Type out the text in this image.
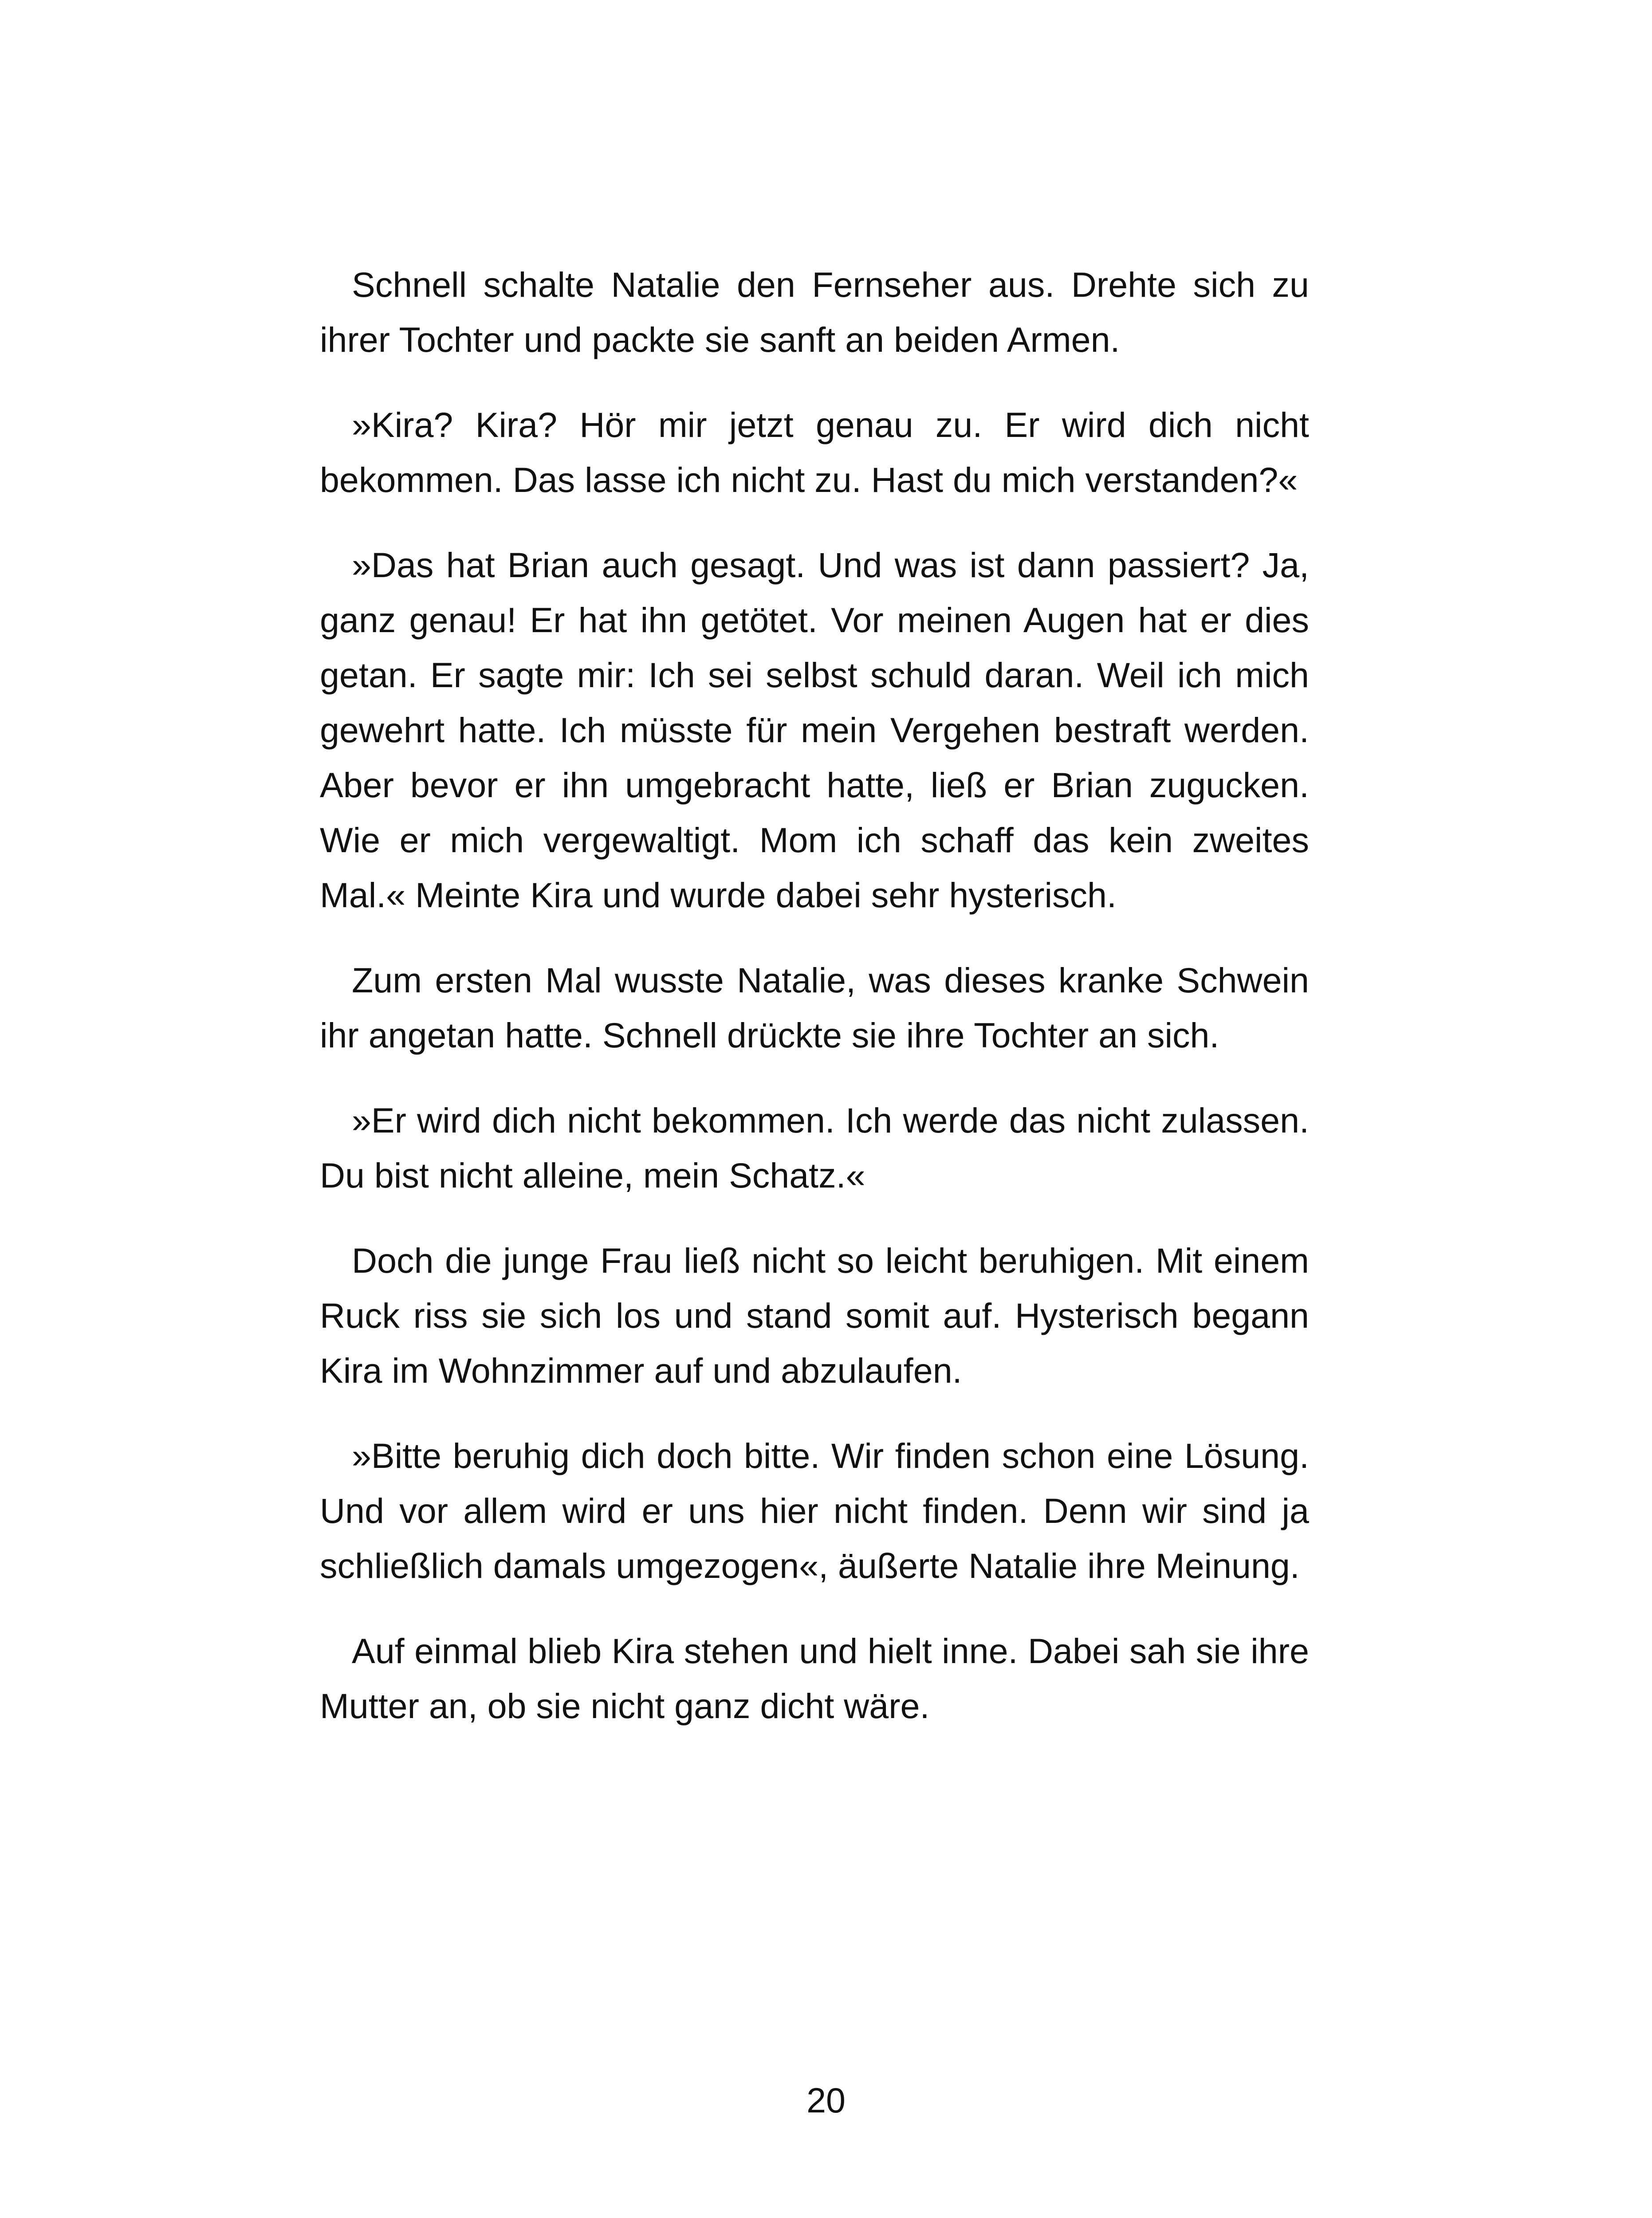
Schnell schalte Natalie den Fernseher aus. Drehte sich zu ihrer Tochter und packte sie sanft an beiden Armen.

»Kira? Kira? Hör mir jetzt genau zu. Er wird dich nicht bekommen. Das lasse ich nicht zu. Hast du mich verstanden?«

»Das hat Brian auch gesagt. Und was ist dann passiert? Ja, ganz genau! Er hat ihn getötet. Vor meinen Augen hat er dies getan. Er sagte mir: Ich sei selbst schuld daran. Weil ich mich gewehrt hatte. Ich müsste für mein Vergehen bestraft werden. Aber bevor er ihn umgebracht hatte, ließ er Brian zugucken. Wie er mich vergewaltigt. Mom ich schaff das kein zweites Mal.« Meinte Kira und wurde dabei sehr hysterisch.

Zum ersten Mal wusste Natalie, was dieses kranke Schwein ihr angetan hatte. Schnell drückte sie ihre Tochter an sich.

»Er wird dich nicht bekommen. Ich werde das nicht zulassen. Du bist nicht alleine, mein Schatz.«

Doch die junge Frau ließ nicht so leicht beruhigen. Mit einem Ruck riss sie sich los und stand somit auf. Hysterisch begann Kira im Wohnzimmer auf und abzulaufen.

»Bitte beruhig dich doch bitte. Wir finden schon eine Lösung. Und vor allem wird er uns hier nicht finden. Denn wir sind ja schließlich damals umgezogen«, äußerte Natalie ihre Meinung.

Auf einmal blieb Kira stehen und hielt inne. Dabei sah sie ihre Mutter an, ob sie nicht ganz dicht wäre.

20
